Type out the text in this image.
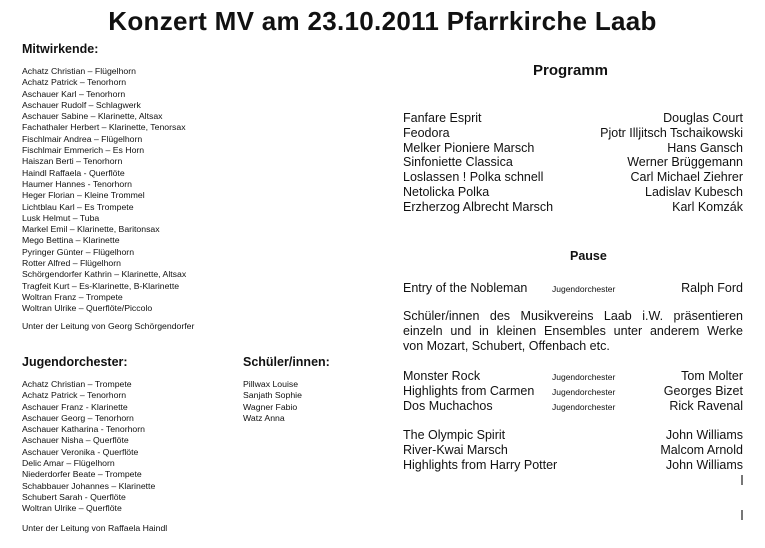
Konzert MV am 23.10.2011 Pfarrkirche Laab
Mitwirkende:
Achatz Christian – Flügelhorn
Achatz Patrick – Tenorhorn
Aschauer Karl – Tenorhorn
Aschauer Rudolf – Schlagwerk
Aschauer Sabine – Klarinette, Altsax
Fachathaler Herbert – Klarinette, Tenorsax
Fischlmair Andrea – Flügelhorn
Fischlmair Emmerich – Es Horn
Haiszan Berti – Tenorhorn
Haindl Raffaela - Querflöte
Haumer Hannes - Tenorhorn
Heger Florian – Kleine Trommel
Lichtblau Karl – Es Trompete
Lusk Helmut – Tuba
Markel Emil – Klarinette, Baritonsax
Mego Bettina – Klarinette
Pyringer Günter – Flügelhorn
Rotter Alfred – Flügelhorn
Schörgendorfer Kathrin – Klarinette, Altsax
Tragfeit Kurt – Es-Klarinette, B-Klarinette
Woltran Franz – Trompete
Woltran Ulrike – Querflöte/Piccolo
Unter der Leitung von Georg Schörgendorfer
Jugendorchester:
Achatz Christian – Trompete
Achatz Patrick – Tenorhorn
Aschauer Franz - Klarinette
Aschauer Georg – Tenorhorn
Aschauer Katharina - Tenorhorn
Aschauer Nisha – Querflöte
Aschauer Veronika - Querflöte
Delic Amar – Flügelhorn
Niederdorfer Beate – Trompete
Schabbauer Johannes – Klarinette
Schubert Sarah - Querflöte
Woltran Ulrike – Querflöte
Unter der Leitung von Raffaela Haindl
Schüler/innen:
Pillwax Louise
Sanjath Sophie
Wagner Fabio
Watz Anna
Programm
Fanfare Esprit	Douglas Court
Feodora	Pjotr Illjitsch Tschaikowski
Melker Pioniere Marsch	Hans Gansch
Sinfoniette Classica	Werner Brüggemann
Loslassen ! Polka schnell	Carl Michael Ziehrer
Netolicka Polka	Ladislav Kubesch
Erzherzog Albrecht Marsch	Karl Komzák
Pause
Entry of the Nobleman	Jugendorchester	Ralph Ford
Schüler/innen des Musikvereins Laab i.W. präsentieren
einzeln und in kleinen Ensembles unter anderem Werke
von Mozart, Schubert, Offenbach etc.
Monster Rock	Jugendorchester	Tom Molter
Highlights from Carmen Jugendorchester	Georges Bizet
Dos Muchachos	Jugendorchester	Rick Ravenal
The Olympic Spirit	John Williams
River-Kwai Marsch	Malcom Arnold
Highlights from Harry Potter	John Williams
